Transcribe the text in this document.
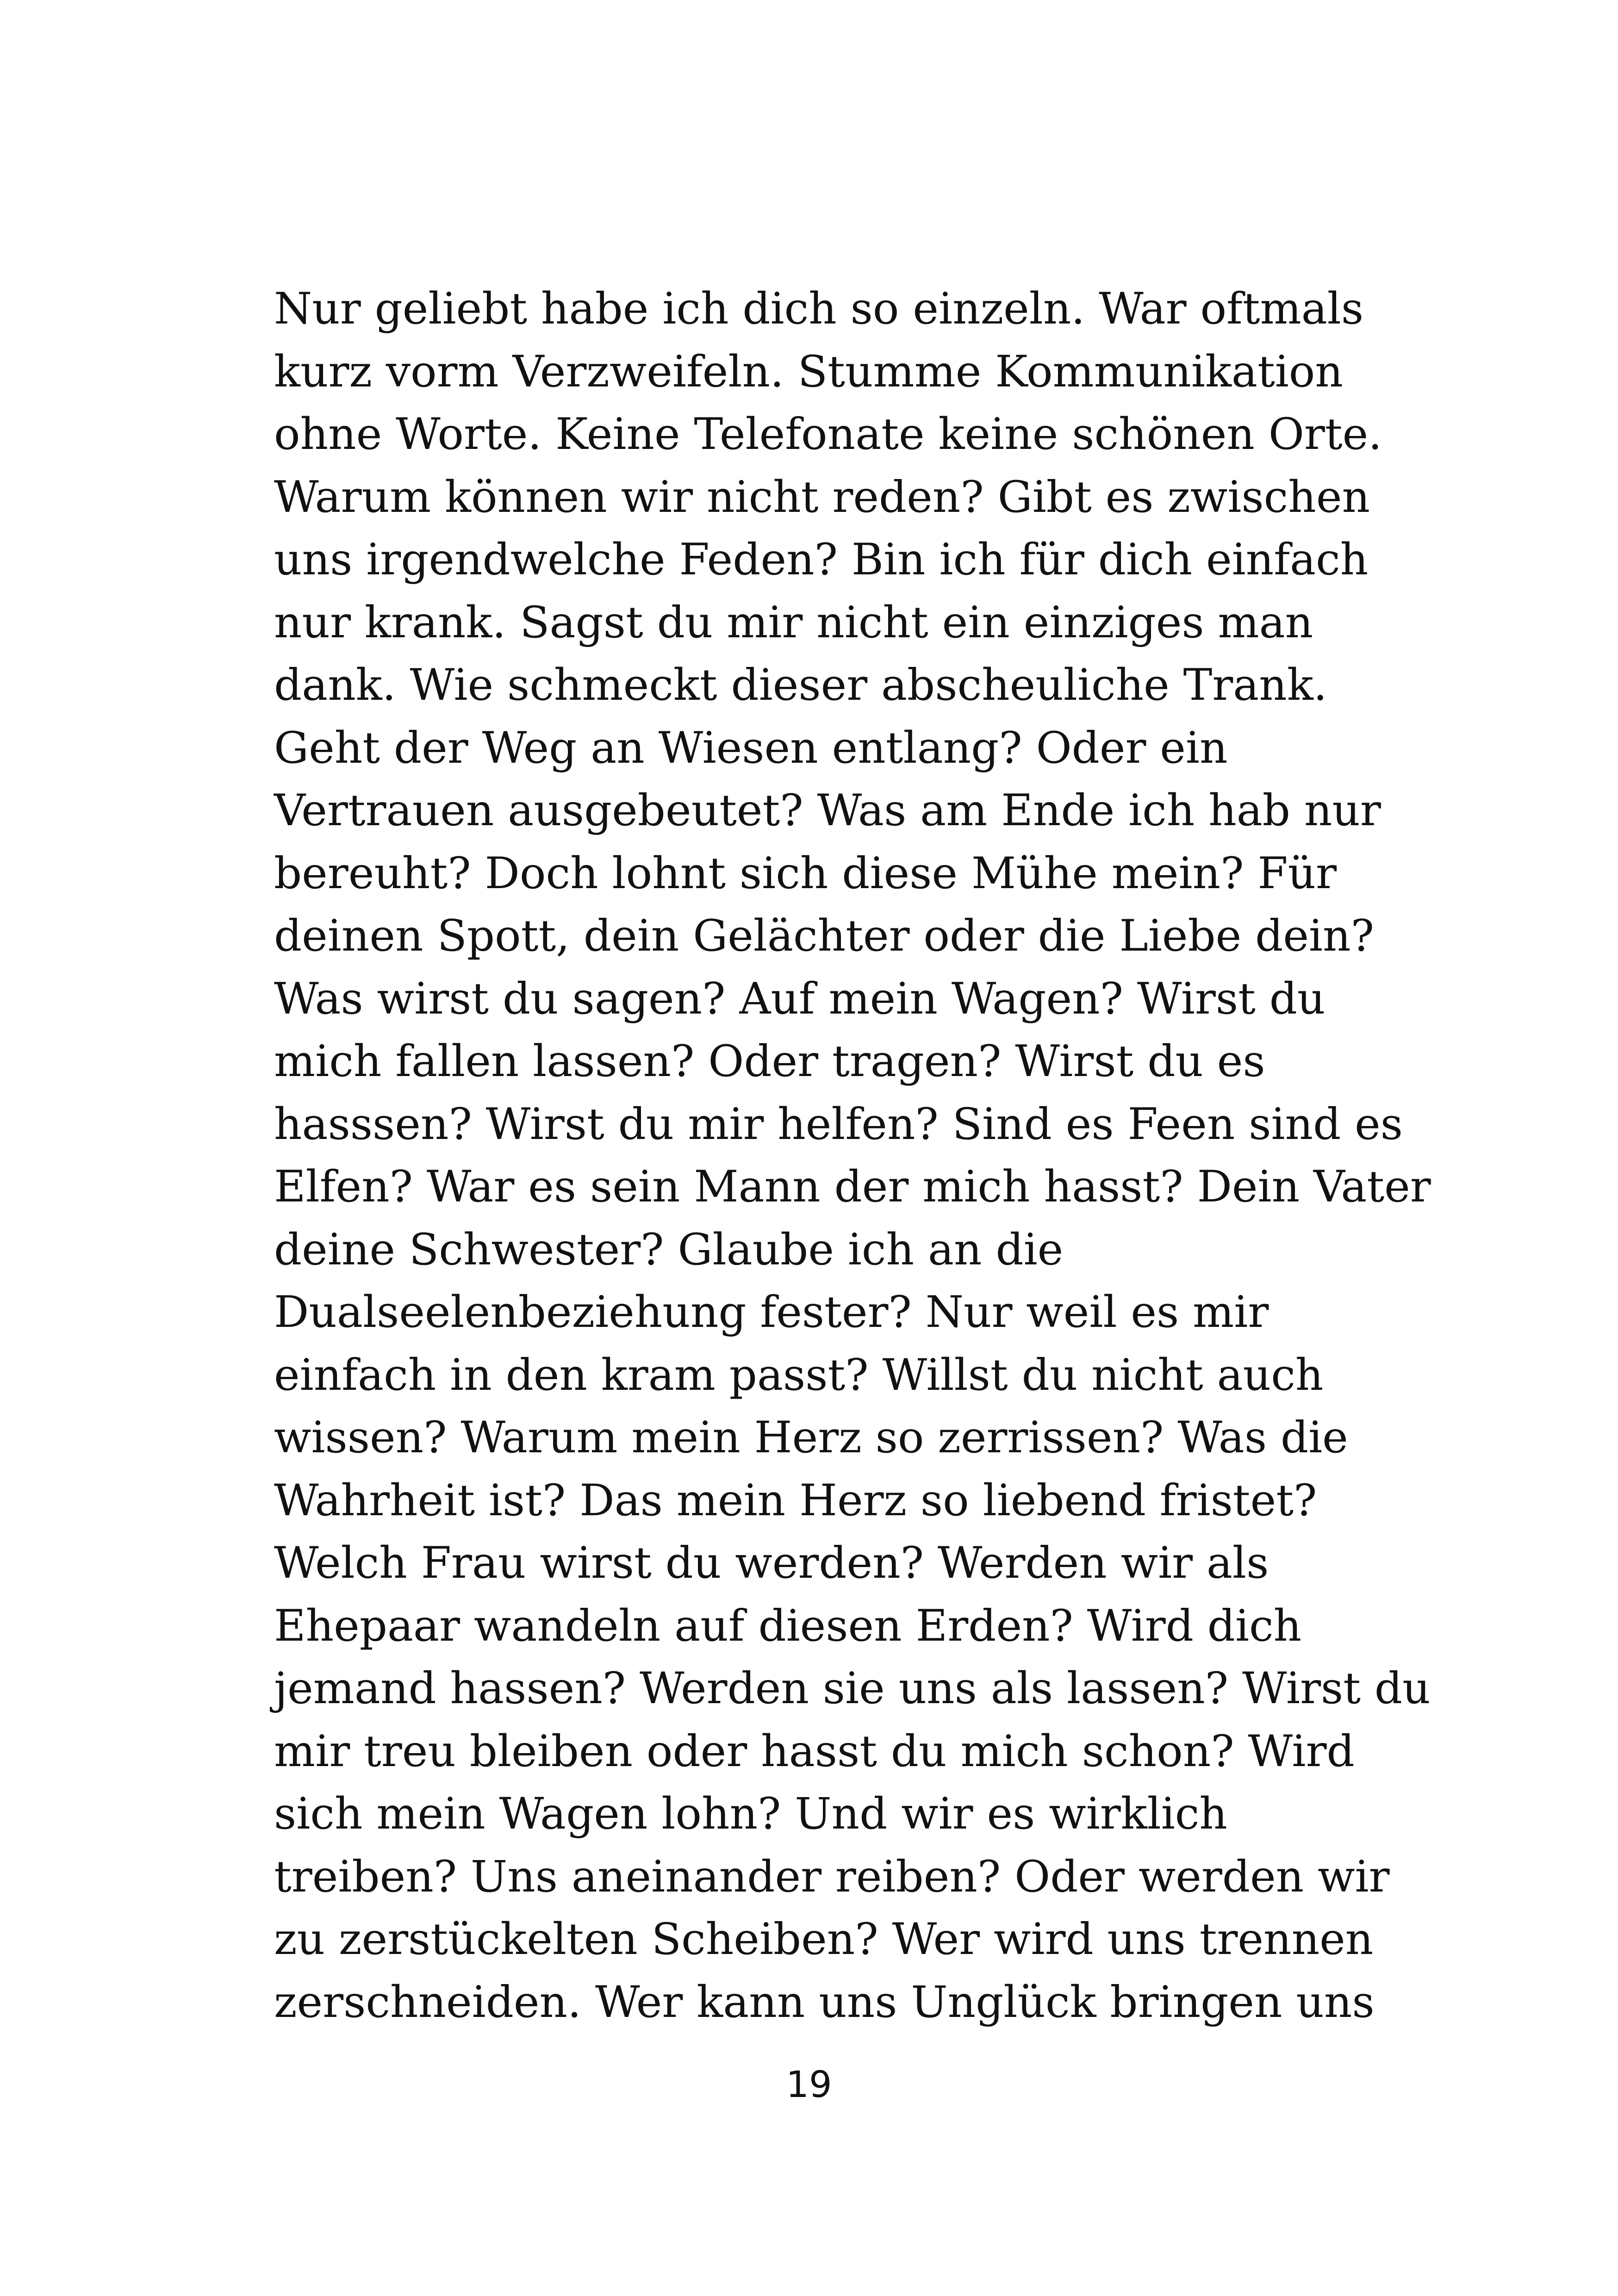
Nur geliebt habe ich dich so einzeln. War oftmals
kurz vorm Verzweifeln. Stumme Kommunikation
ohne Worte. Keine Telefonate keine schönen Orte.
Warum können wir nicht reden? Gibt es zwischen
uns irgendwelche Feden? Bin ich für dich einfach
nur krank. Sagst du mir nicht ein einziges man
dank. Wie schmeckt dieser abscheuliche Trank.
Geht der Weg an Wiesen entlang? Oder ein
Vertrauen ausgebeutet? Was am Ende ich hab nur
bereuht? Doch lohnt sich diese Mühe mein? Für
deinen Spott, dein Gelächter oder die Liebe dein?
Was wirst du sagen? Auf mein Wagen? Wirst du
mich fallen lassen? Oder tragen? Wirst du es
hasssen? Wirst du mir helfen? Sind es Feen sind es
Elfen? War es sein Mann der mich hasst? Dein Vater
deine Schwester? Glaube ich an die
Dualseelenbeziehung fester? Nur weil es mir
einfach in den kram passt? Willst du nicht auch
wissen? Warum mein Herz so zerrissen? Was die
Wahrheit ist? Das mein Herz so liebend fristet?
Welch Frau wirst du werden? Werden wir als
Ehepaar wandeln auf diesen Erden? Wird dich
jemand hassen? Werden sie uns als lassen? Wirst du
mir treu bleiben oder hasst du mich schon? Wird
sich mein Wagen lohn? Und wir es wirklich
treiben? Uns aneinander reiben? Oder werden wir
zu zerstückelten Scheiben? Wer wird uns trennen
zerschneiden. Wer kann uns Unglück bringen uns
19
